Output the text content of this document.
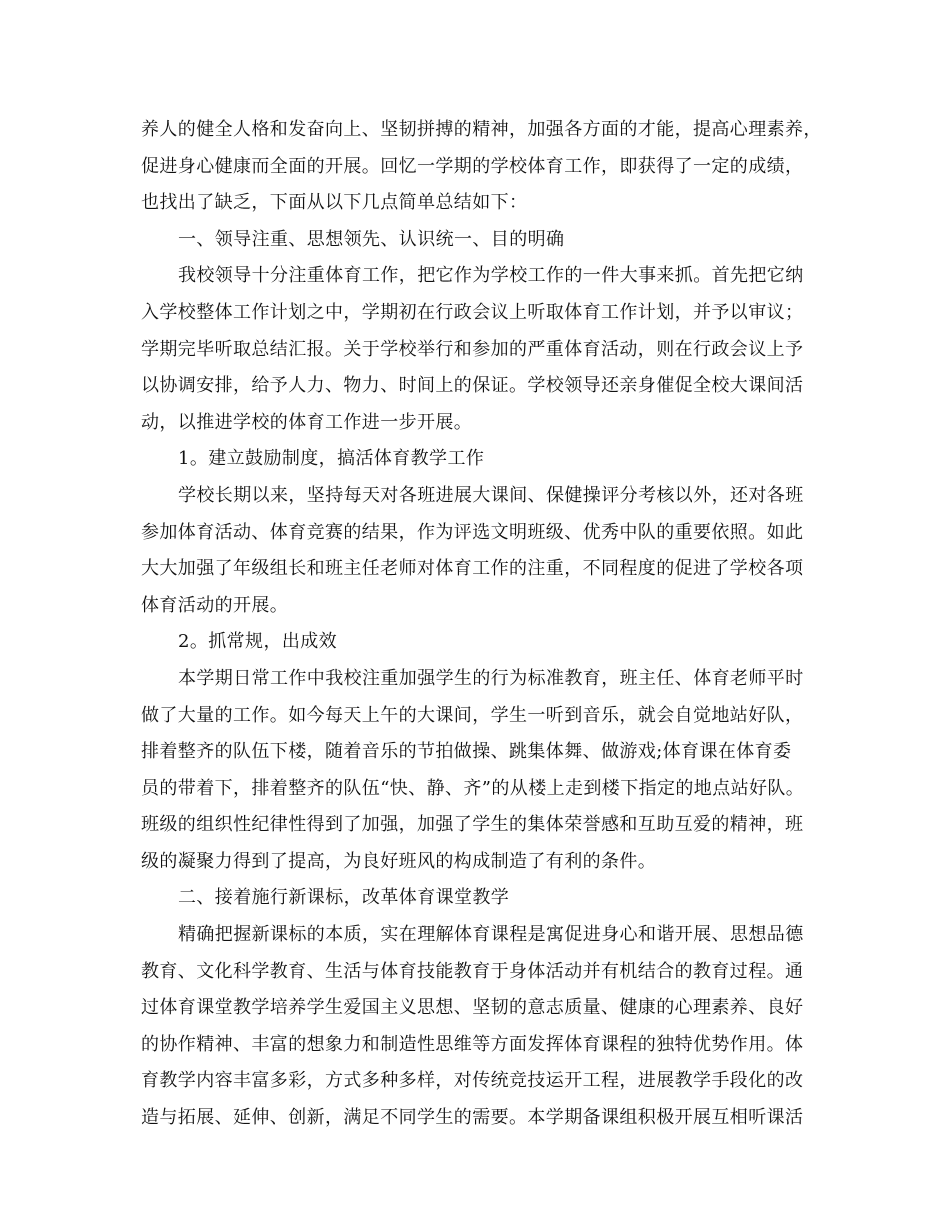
养人的健全人格和发奋向上、坚韧拼搏的精神，加强各方面的才能，提高心理素养，
促进身心健康而全面的开展。回忆一学期的学校体育工作，即获得了一定的成绩，
也找出了缺乏，下面从以下几点简单总结如下：
一、领导注重、思想领先、认识统一、目的明确
我校领导十分注重体育工作，把它作为学校工作的一件大事来抓。首先把它纳
入学校整体工作计划之中，学期初在行政会议上听取体育工作计划，并予以审议；
学期完毕听取总结汇报。关于学校举行和参加的严重体育活动，则在行政会议上予
以协调安排，给予人力、物力、时间上的保证。学校领导还亲身催促全校大课间活
动，以推进学校的体育工作进一步开展。
1。建立鼓励制度，搞活体育教学工作
学校长期以来，坚持每天对各班进展大课间、保健操评分考核以外，还对各班
参加体育活动、体育竞赛的结果，作为评选文明班级、优秀中队的重要依照。如此
大大加强了年级组长和班主任老师对体育工作的注重，不同程度的促进了学校各项
体育活动的开展。
2。抓常规，出成效
本学期日常工作中我校注重加强学生的行为标准教育，班主任、体育老师平时
做了大量的工作。如今每天上午的大课间，学生一听到音乐，就会自觉地站好队，
排着整齐的队伍下楼，随着音乐的节拍做操、跳集体舞、做游戏;体育课在体育委
员的带着下，排着整齐的队伍“快、静、齐”的从楼上走到楼下指定的地点站好队。
班级的组织性纪律性得到了加强，加强了学生的集体荣誉感和互助互爱的精神，班
级的凝聚力得到了提高，为良好班风的构成制造了有利的条件。
二、接着施行新课标，改革体育课堂教学
精确把握新课标的本质，实在理解体育课程是寓促进身心和谐开展、思想品德
教育、文化科学教育、生活与体育技能教育于身体活动并有机结合的教育过程。通
过体育课堂教学培养学生爱国主义思想、坚韧的意志质量、健康的心理素养、良好
的协作精神、丰富的想象力和制造性思维等方面发挥体育课程的独特优势作用。体
育教学内容丰富多彩，方式多种多样，对传统竞技运开工程，进展教学手段化的改
造与拓展、延伸、创新，满足不同学生的需要。本学期备课组积极开展互相听课活
